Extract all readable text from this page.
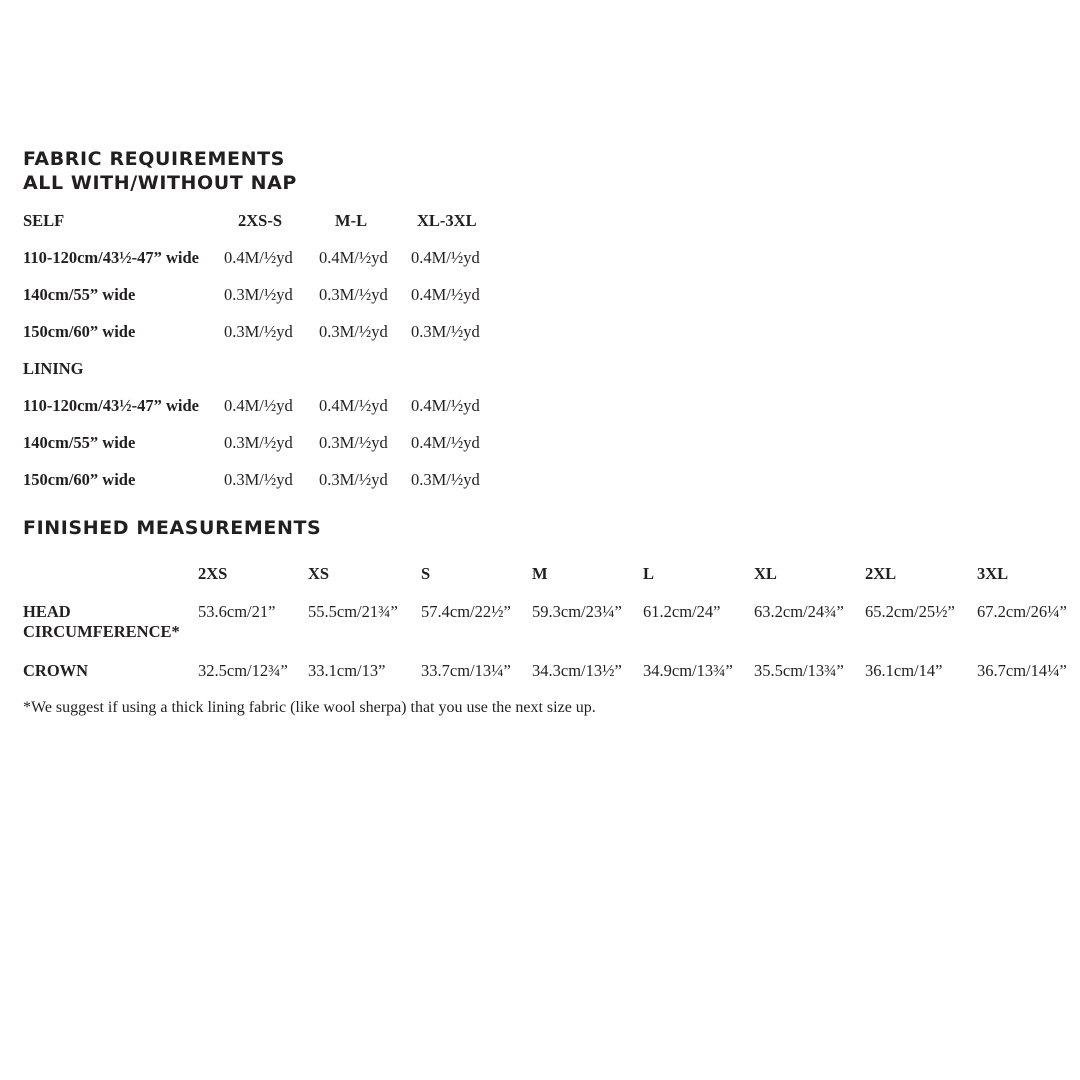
FABRIC REQUIREMENTS
ALL WITH/WITHOUT NAP
SELF	2XS-S	M-L	XL-3XL
110-120cm/43½-47” wide 0.4M/½yd 0.4M/½yd 0.4M/½yd
140cm/55” wide	0.3M/½yd 0.3M/½yd 0.4M/½yd
150cm/60” wide	0.3M/½yd 0.3M/½yd 0.3M/½yd
LINING
110-120cm/43½-47” wide 0.4M/½yd 0.4M/½yd 0.4M/½yd
140cm/55” wide	0.3M/½yd 0.3M/½yd 0.4M/½yd
150cm/60” wide	0.3M/½yd 0.3M/½yd 0.3M/½yd
FINISHED MEASUREMENTS
2XS	XS	S	M	L	XL	2XL	3XL
HEAD
CIRCUMFERENCE*
53.6cm/21” 55.5cm/21¾” 57.4cm/22½” 59.3cm/23¼” 61.2cm/24” 63.2cm/24¾” 65.2cm/25½” 67.2cm/26¼”
CROWN	32.5cm/12¾” 33.1cm/13” 33.7cm/13¼” 34.3cm/13½” 34.9cm/13¾” 35.5cm/13¾” 36.1cm/14” 36.7cm/14¼”

*We suggest if using a thick lining fabric (like wool sherpa) that you use the next size up.
